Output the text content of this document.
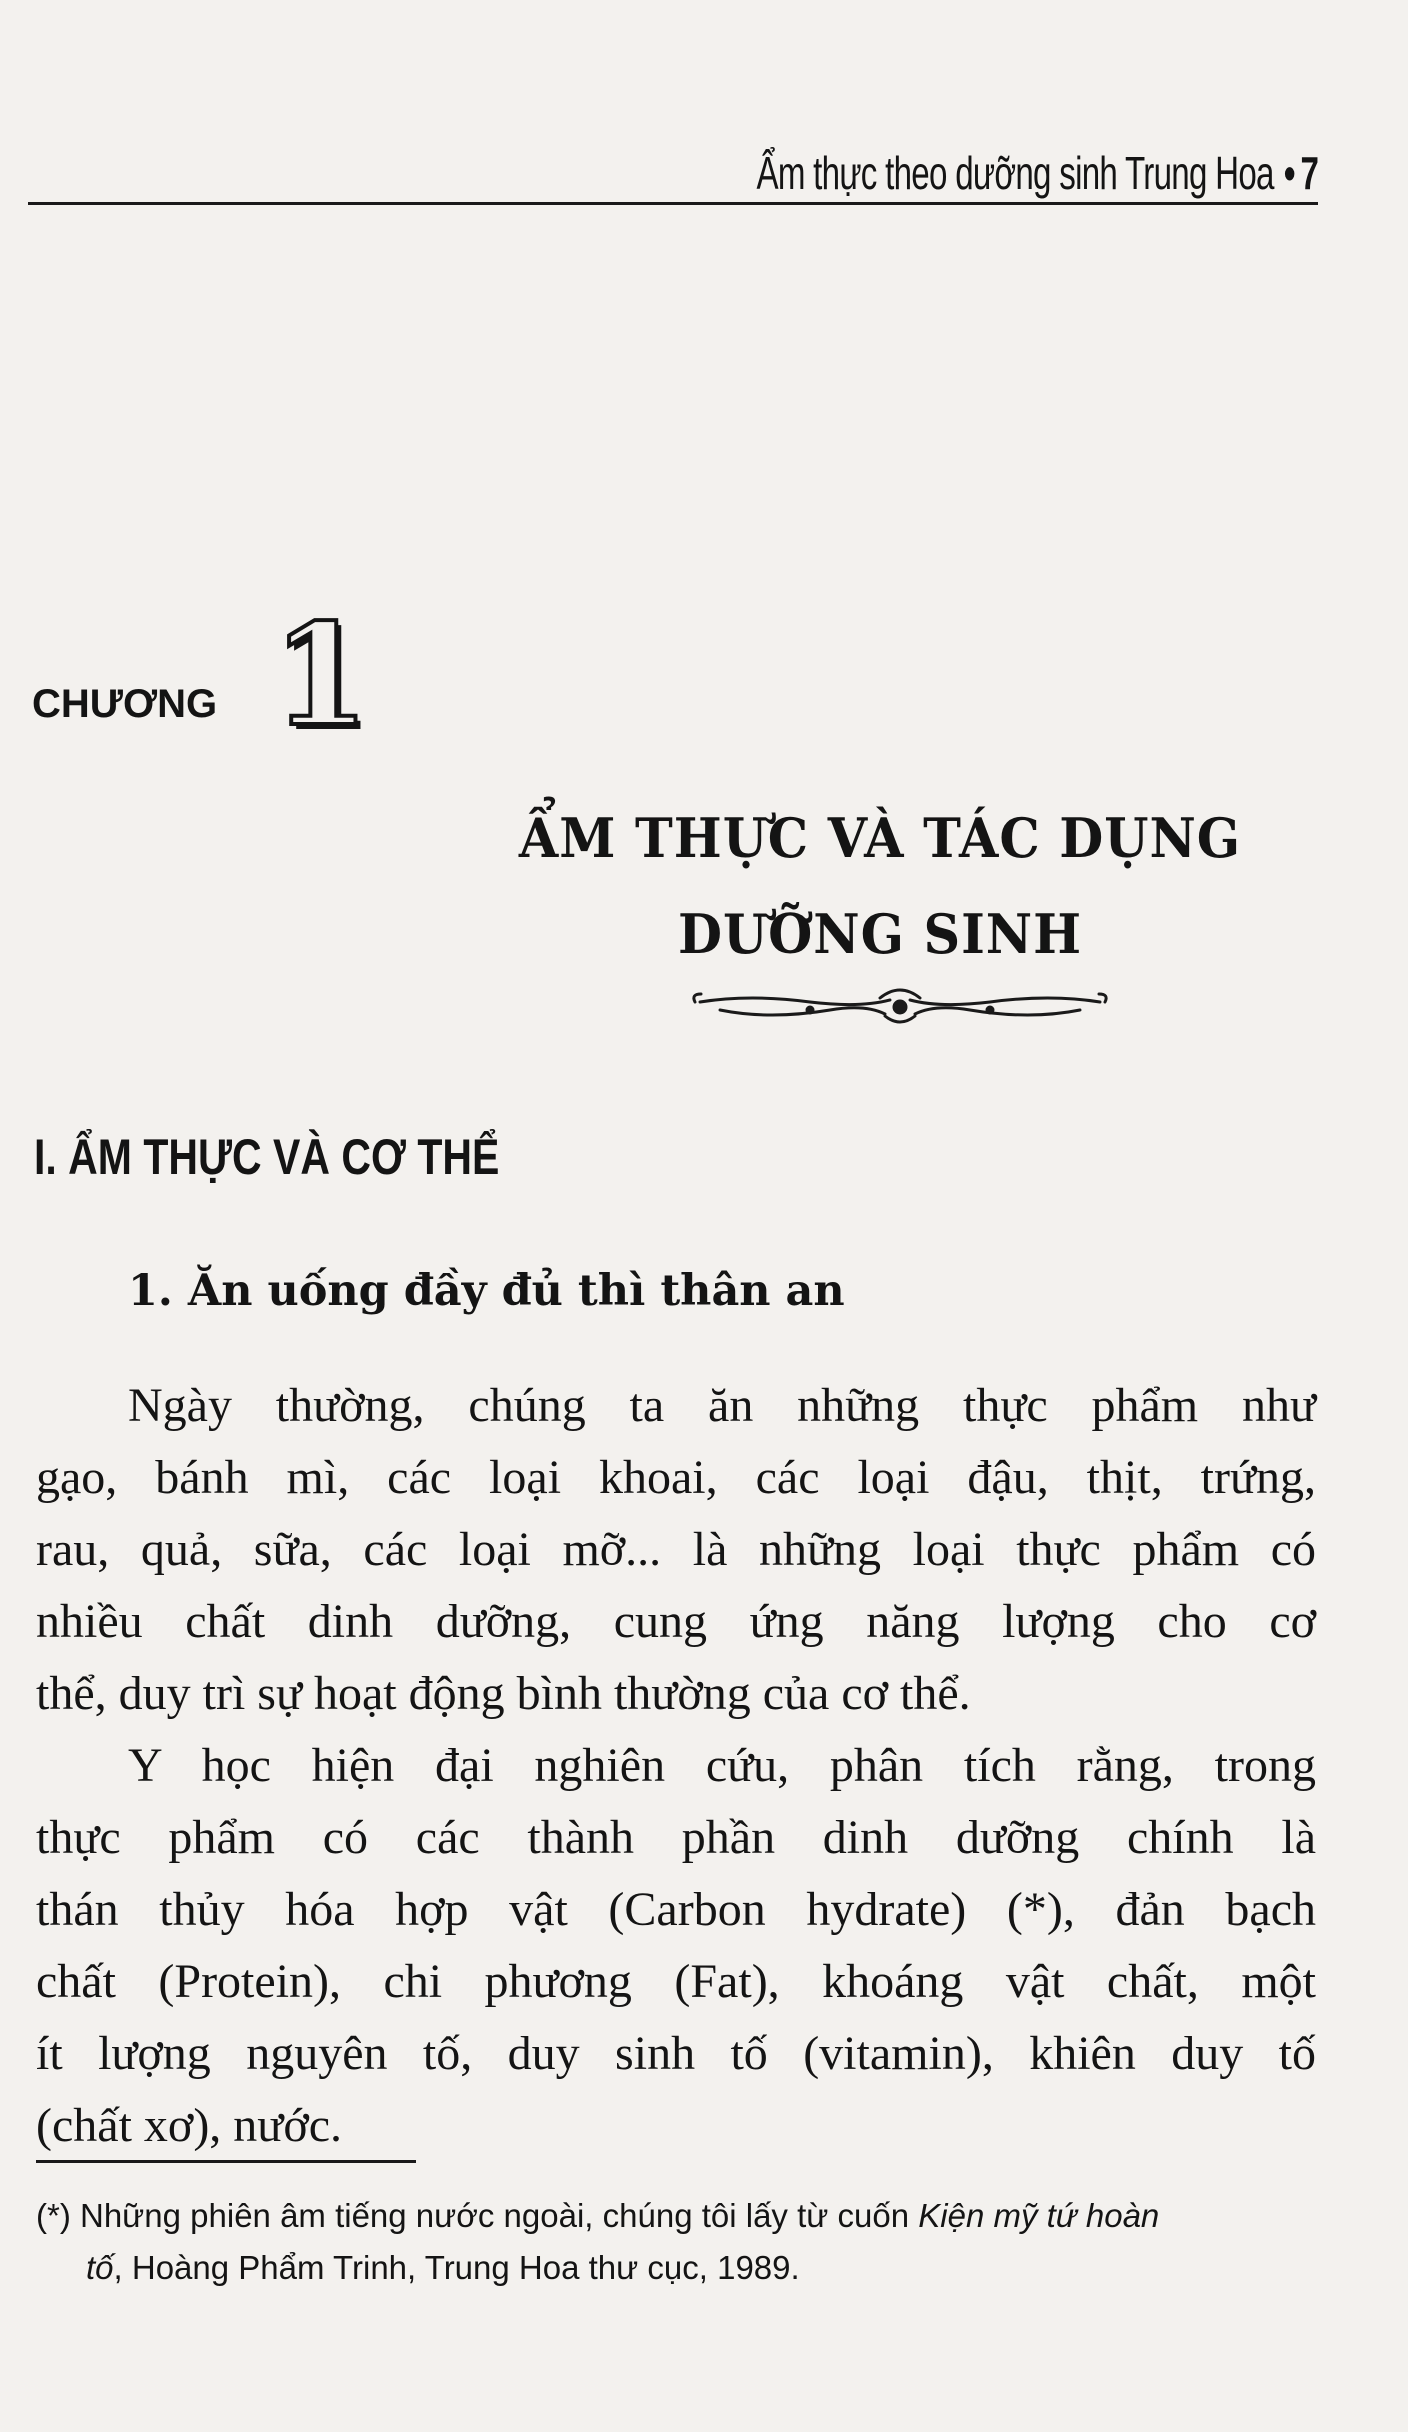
Ẩm thực theo dưỡng sinh Trung Hoa • 7
CHƯƠNG 1
ẨM THỰC VÀ TÁC DỤNG
DƯỠNG SINH
I. ẨM THỰC VÀ CƠ THỂ
1. Ăn uống đầy đủ thì thân an
Ngày thường, chúng ta ăn những thực phẩm như
gạo, bánh mì, các loại khoai, các loại đậu, thịt, trứng,
rau, quả, sữa, các loại mỡ... là những loại thực phẩm có
nhiều chất dinh dưỡng, cung ứng năng lượng cho cơ
thể, duy trì sự hoạt động bình thường của cơ thể.
Y học hiện đại nghiên cứu, phân tích rằng, trong
thực phẩm có các thành phần dinh dưỡng chính là
thán thủy hóa hợp vật (Carbon hydrate) (*), đản bạch
chất (Protein), chi phương (Fat), khoáng vật chất, một
ít lượng nguyên tố, duy sinh tố (vitamin), khiên duy tố
(chất xơ), nước.
(*) Những phiên âm tiếng nước ngoài, chúng tôi lấy từ cuốn Kiện mỹ tứ hoàn
tố, Hoàng Phẩm Trinh, Trung Hoa thư cục, 1989.
